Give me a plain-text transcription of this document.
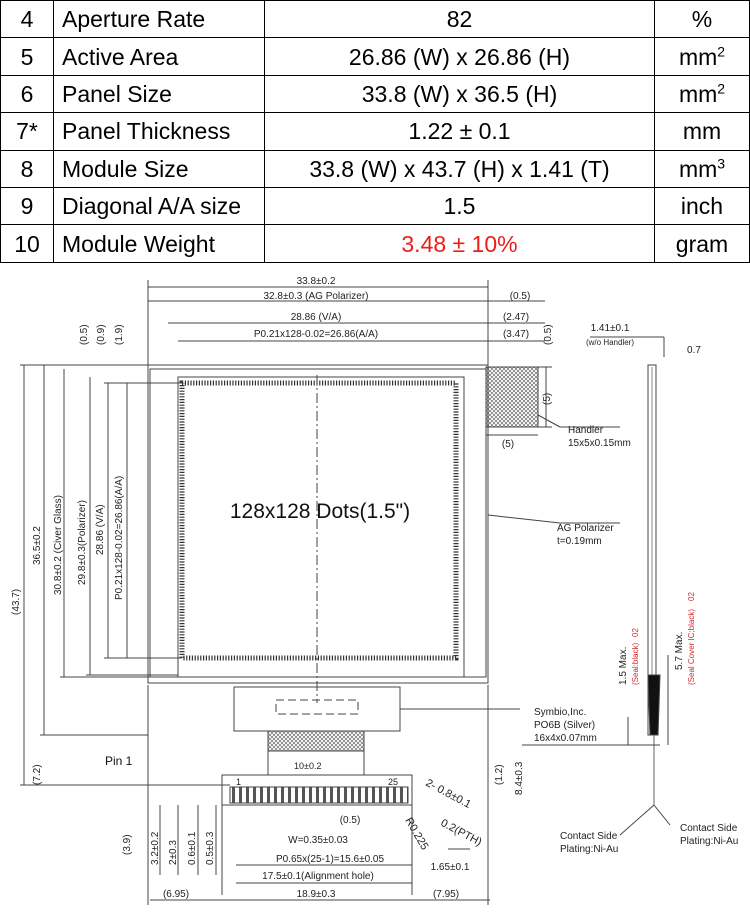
4	Aperture Rate	82	%
5	Active Area	26.86 (W) x 26.86 (H)	$mm^2$
6	Panel Size	33.8 (W) x 36.5 (H)	$mm^2$
7*	Panel Thickness	1.22 ± 0.1	mm
8	Module Size	33.8 (W) x 43.7 (H) x 1.41 (T)	$mm^3$
9	Diagonal A/A size	1.5	inch
10	Module Weight	3.48 ± 10%	gram
128x128 Dots(1.5")
33.8±0.2
32.8±0.3 (AG Polarizer)	(0.5)
28.86 (V/A)	(2.47)
P0.21x128-0.02=26.86(A/A)	(3.47)
(0.5) (0.9) (1.9)	(0.5)
(43.7)
36.5±0.2 30.8±0.2 (Civer Glass) 29.8±0.3(Polarizer) 28.86 (V/A) P0.21x128-0.02=26.86(A/A)
(7.2)
(3.9)
(5)
(5)
Handler
15x5x0.15mm
1.41±0.1
(w/o Handler)
0.7
1.5 Max. (Seal:black)
02	5.7 Max. (Seal Cover IC;black)
02
AG Polarizer
t=0.19mm
Symbio,Inc.
PO6B (Silver)
16x4x0.07mm
10±0.2	(1.2) 8.4±0.3
Pin 1
1	25 2- 0.8±0.1
0.2(PTH)
R0.225
3.2±0.2 2±0.3 0.6±0.1 0.5±0.3
(0.5)
W=0.35±0.03
P0.65x(25-1)=15.6±0.05
1.65±0.1
17.5±0.1(Alignment hole)
(6.95)	18.9±0.3	(7.95)
Contact Side
Plating:Ni-Au
Contact Side
Plating:Ni-Au
